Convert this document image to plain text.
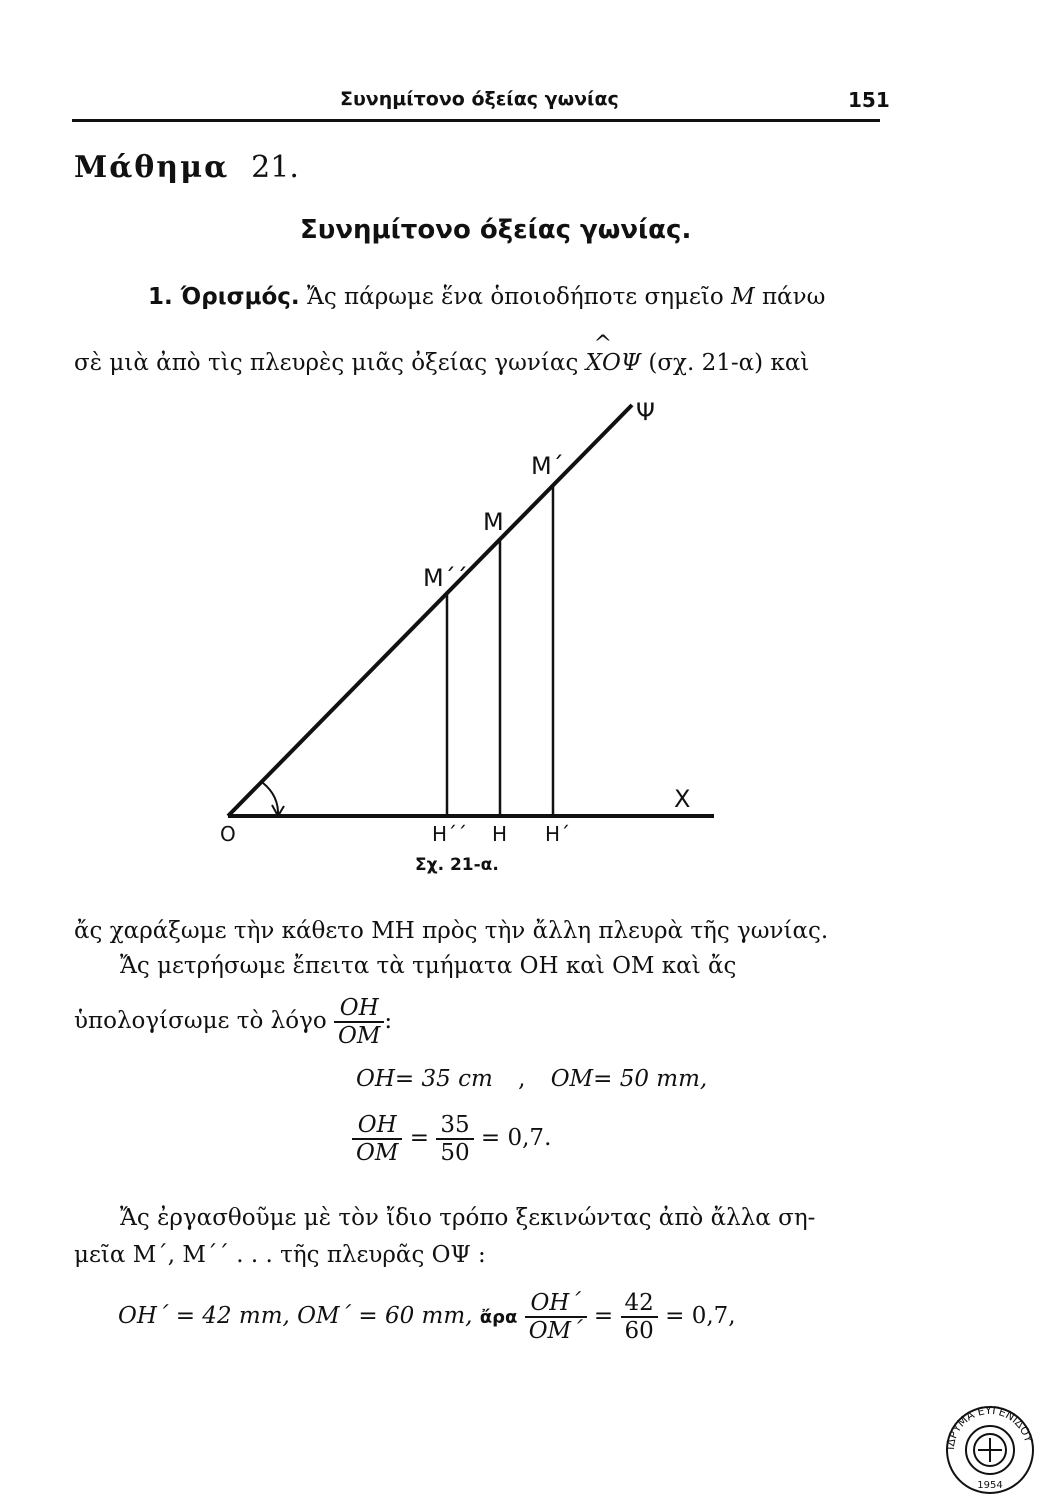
Συνημίτονο όξείας γωνίας	151
Μάθημα 21.
Συνημίτονο όξείας γωνίας.
1. Όρισμός. Ἄς πάρωμε ἕνα ὁποιοδήποτε σημεῖο M πάνω
σὲ μιὰ ἀπὸ τὶς πλευρὲς μιᾶς ὀξείας γωνίας
^
ΧΟΨ (σχ. 21-α) καὶ
Ψ
M΄
M
M΄΄
X
O	H΄΄ H H΄
Σχ. 21-α.
ἄς χαράξωμε τὴν κάθετο ΜΗ πρὸς τὴν ἄλλη πλευρὰ τῆς γωνίας.
Ἄς μετρήσωμε ἔπειτα τὰ τμήματα ΟΗ καὶ ΟΜ καὶ ἄς
ὑπολογίσωμε τὸ λόγο $\frac{OH}{OM}$ :
OH= 35 cm , OM= 50 mm,
$\frac{OH}{OM} = \frac{35}{50} = 0,7$.
Ἄς ἐργασθοῦμε μὲ τὸν ἴδιο τρόπο ξεκινώντας ἀπὸ ἄλλα ση-
μεῖα M΄, M΄΄ . . . τῆς πλευρᾶς ΟΨ :
OH΄ = 42 mm, OM΄ = 60 mm, ἄρα $\frac{OH΄}{OM΄} = \frac{42}{60} = 0,7$,
ΙΔΡΥΜΑ ΕΥΓΕΝΙΔΟΥ
1954
